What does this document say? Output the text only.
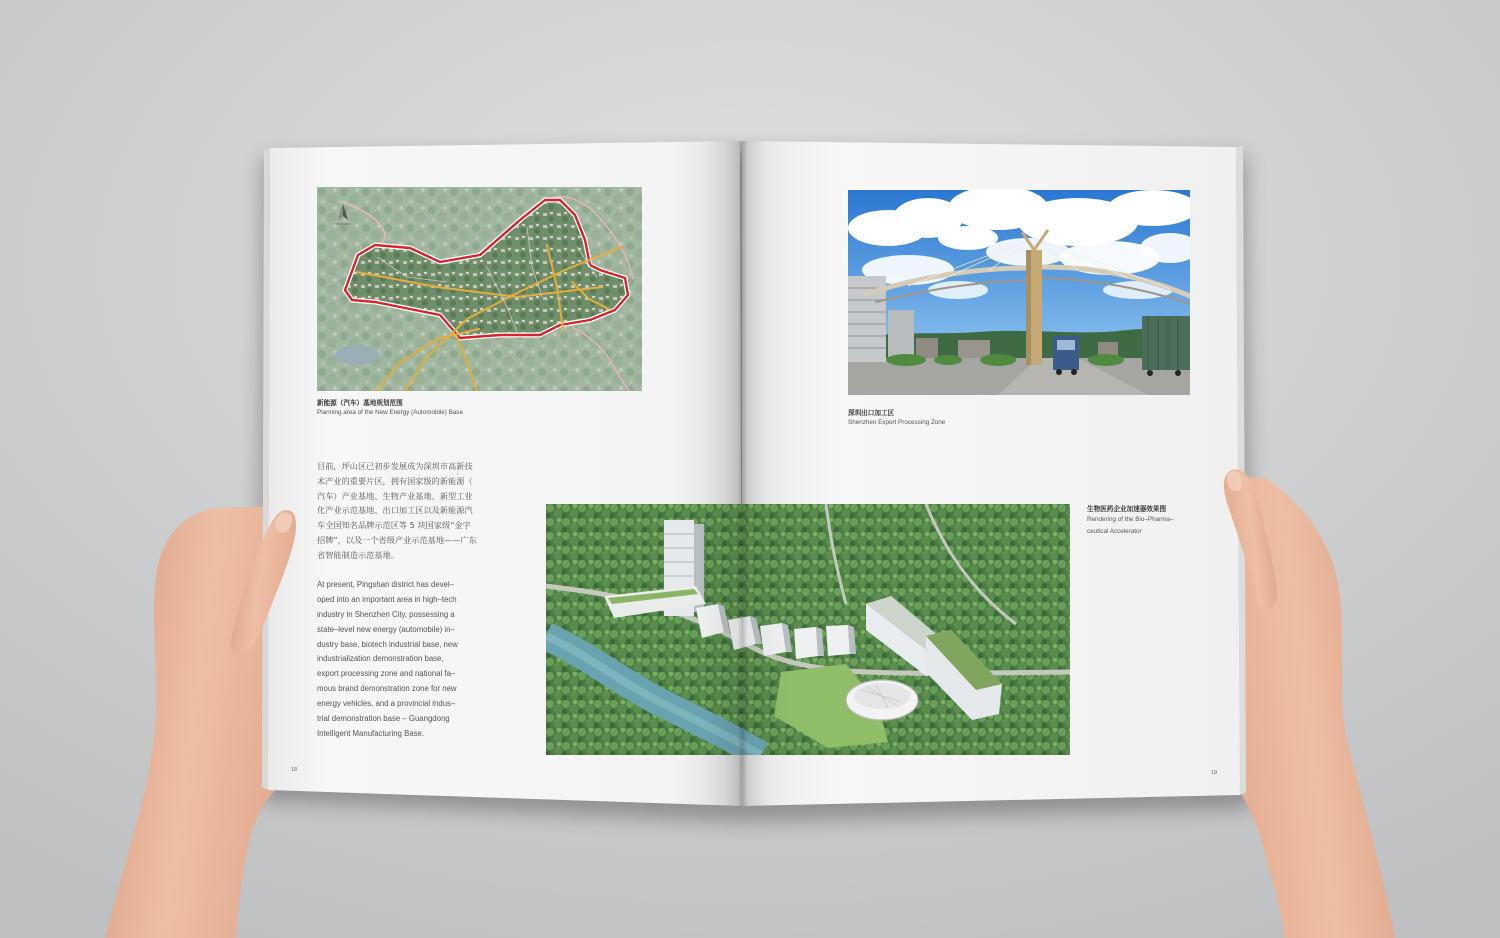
新能源（汽车）基地规划范围
Planning area of the New Energy (Automobile) Base
目前，坪山区已初步发展成为深圳市高新技
术产业的重要片区，拥有国家级的新能源（
汽车）产业基地、生物产业基地、新型工业
化产业示范基地、出口加工区以及新能源汽
车全国知名品牌示范区等 5 块国家级“金字
招牌”，以及一个省级产业示范基地——广东
省智能制造示范基地。
At present, Pingshan district has devel–
oped into an important area in high–tech
industry in Shenzhen City, possessing a
state–level new energy (automobile) in–
dustry base, biotech industrial base, new
industrialization demonstration base,
export processing zone and national fa–
mous brand demonstration zone for new
energy vehicles, and a provincial indus–
trial demonstration base – Guangdong
Intelligent Manufacturing Base.
18
深圳出口加工区
Shenzhen Export Processing Zone
生物医药企业加速器效果图
Rendering of the Bio–Pharma–
ceutical Accelerator
19
